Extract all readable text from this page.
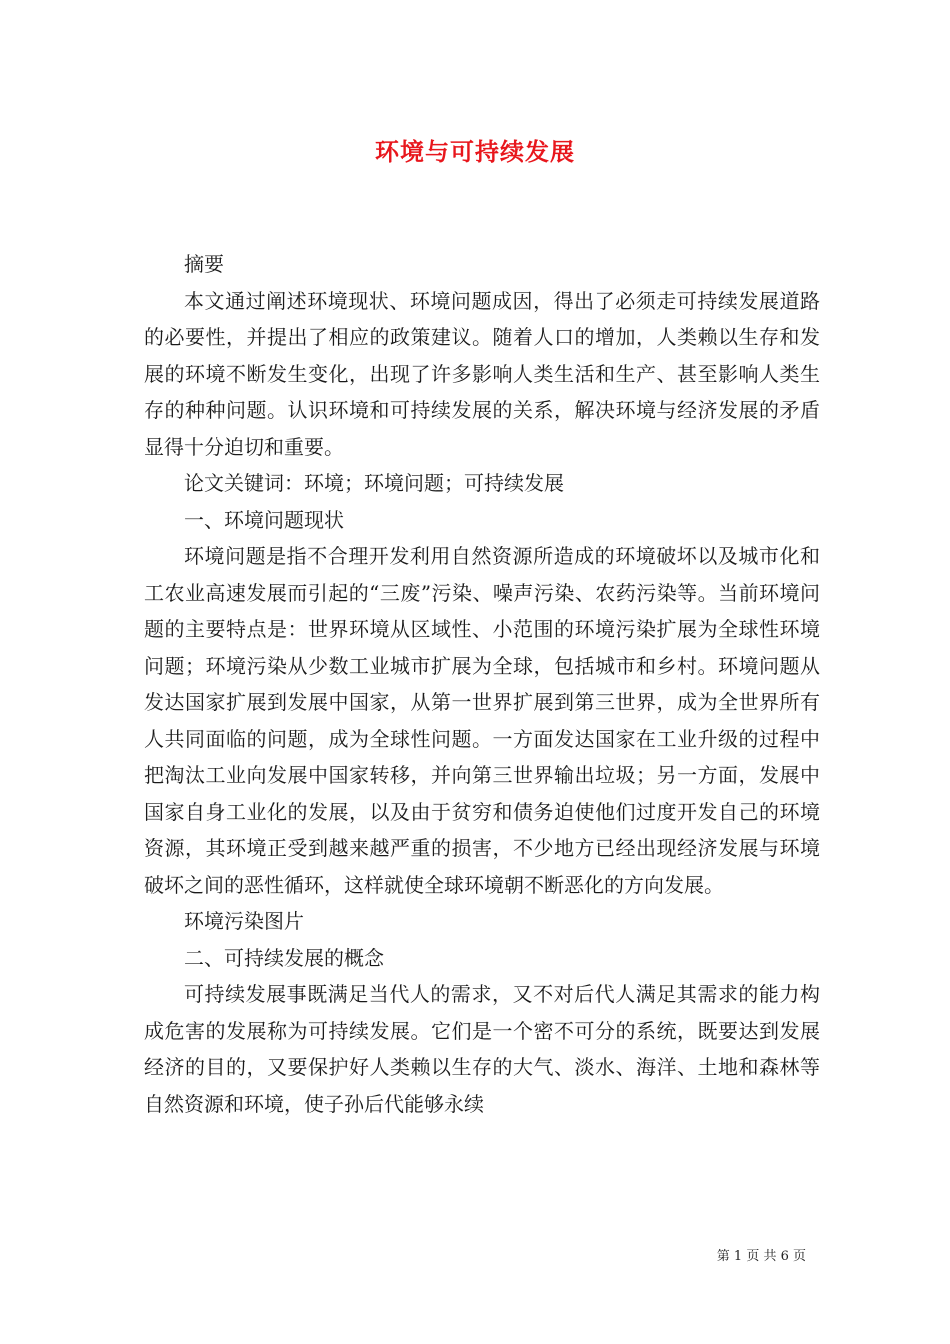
环境与可持续发展

摘要

本文通过阐述环境现状、环境问题成因，得出了必须走可持续发展道路的必要性，并提出了相应的政策建议。随着人口的增加，人类赖以生存和发展的环境不断发生变化，出现了许多影响人类生活和生产、甚至影响人类生存的种种问题。认识环境和可持续发展的关系，解决环境与经济发展的矛盾显得十分迫切和重要。

论文关键词：环境；环境问题；可持续发展

一、环境问题现状

环境问题是指不合理开发利用自然资源所造成的环境破坏以及城市化和工农业高速发展而引起的“三废”污染、噪声污染、农药污染等。当前环境问题的主要特点是：世界环境从区域性、小范围的环境污染扩展为全球性环境问题；环境污染从少数工业城市扩展为全球，包括城市和乡村。环境问题从发达国家扩展到发展中国家，从第一世界扩展到第三世界，成为全世界所有人共同面临的问题，成为全球性问题。一方面发达国家在工业升级的过程中把淘汰工业向发展中国家转移，并向第三世界输出垃圾；另一方面，发展中国家自身工业化的发展，以及由于贫穷和债务迫使他们过度开发自己的环境资源，其环境正受到越来越严重的损害，不少地方已经出现经济发展与环境破坏之间的恶性循环，这样就使全球环境朝不断恶化的方向发展。

环境污染图片

二、可持续发展的概念

可持续发展事既满足当代人的需求，又不对后代人满足其需求的能力构成危害的发展称为可持续发展。它们是一个密不可分的系统，既要达到发展经济的目的，又要保护好人类赖以生存的大气、淡水、海洋、土地和森林等自然资源和环境，使子孙后代能够永续

第 1 页 共 6 页
